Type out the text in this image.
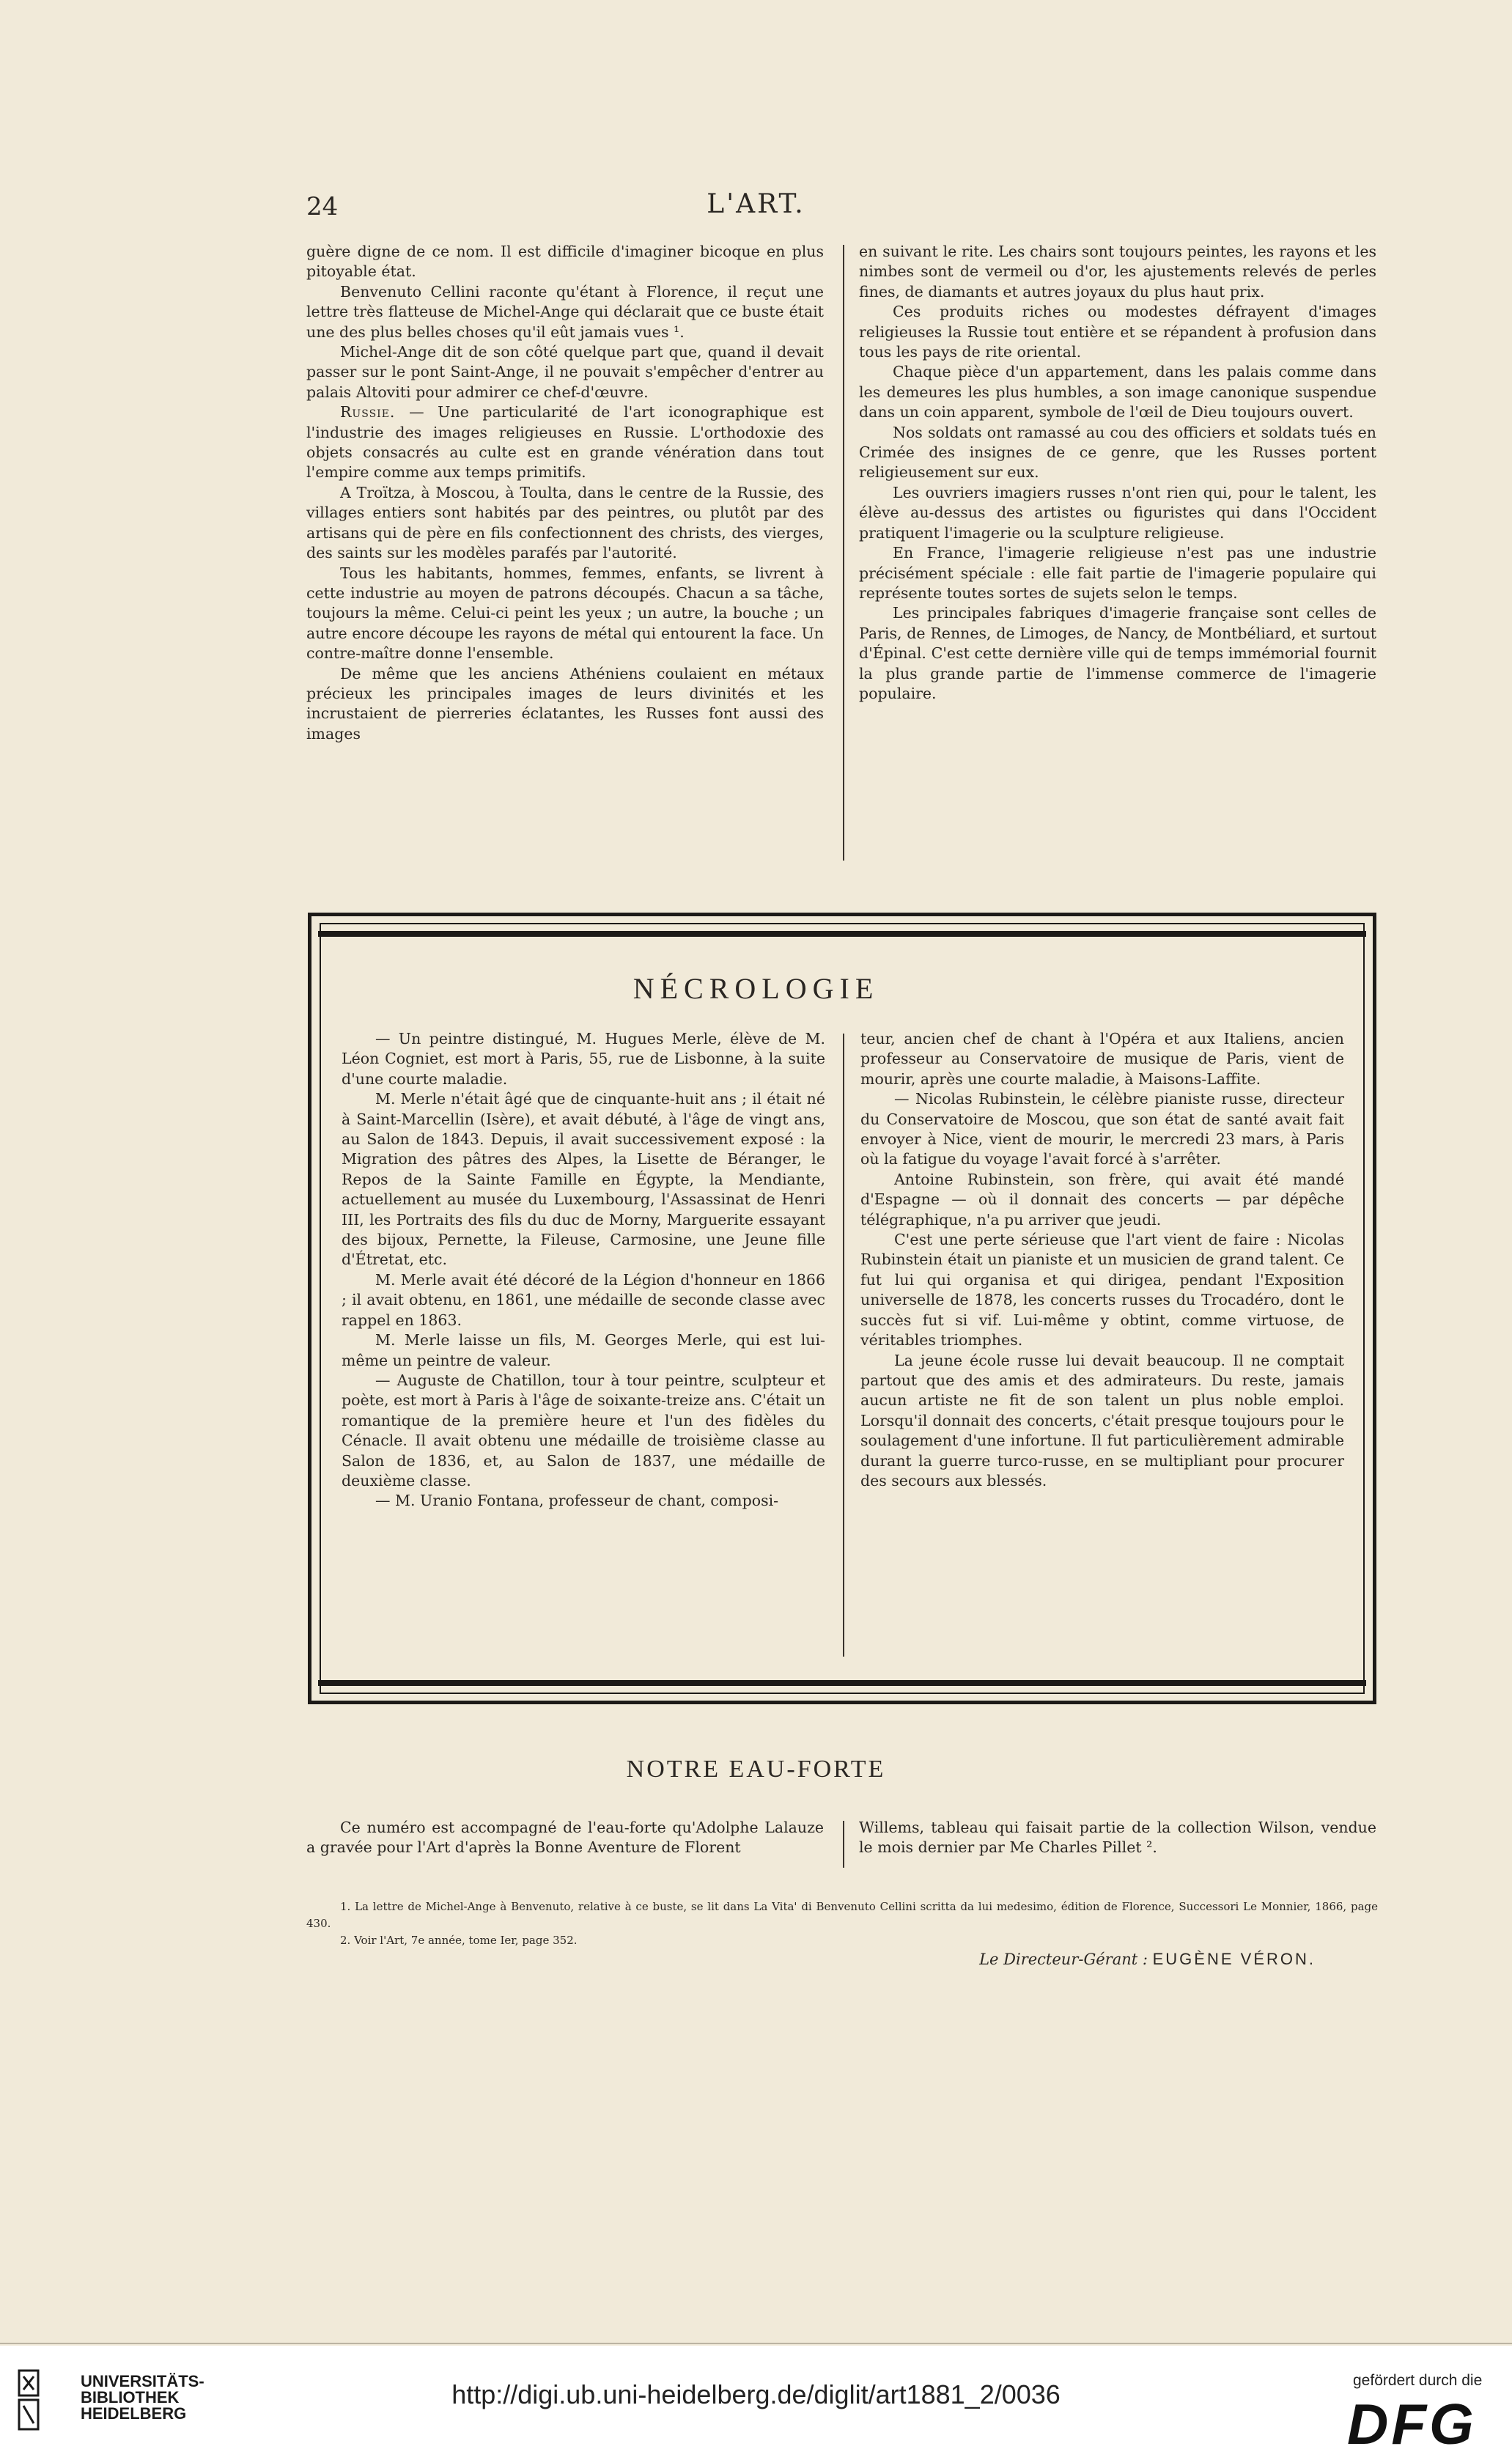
24	L'ART.

guère digne de ce nom. Il est difficile d'imaginer bicoque en plus pitoyable état.

Benvenuto Cellini raconte qu'étant à Florence, il reçut une lettre très flatteuse de Michel-Ange qui déclarait que ce buste était une des plus belles choses qu'il eût jamais vues ¹.

Michel-Ange dit de son côté quelque part que, quand il devait passer sur le pont Saint-Ange, il ne pouvait s'empêcher d'entrer au palais Altoviti pour admirer ce chef-d'œuvre.

Russie. — Une particularité de l'art iconographique est l'industrie des images religieuses en Russie. L'orthodoxie des objets consacrés au culte est en grande vénération dans tout l'empire comme aux temps primitifs.

A Troïtza, à Moscou, à Toulta, dans le centre de la Russie, des villages entiers sont habités par des peintres, ou plutôt par des artisans qui de père en fils confectionnent des christs, des vierges, des saints sur les modèles parafés par l'autorité.

Tous les habitants, hommes, femmes, enfants, se livrent à cette industrie au moyen de patrons découpés. Chacun a sa tâche, toujours la même. Celui-ci peint les yeux ; un autre, la bouche ; un autre encore découpe les rayons de métal qui entourent la face. Un contre-maître donne l'ensemble.

De même que les anciens Athéniens coulaient en métaux précieux les principales images de leurs divinités et les incrustaient de pierreries éclatantes, les Russes font aussi des images

en suivant le rite. Les chairs sont toujours peintes, les rayons et les nimbes sont de vermeil ou d'or, les ajustements relevés de perles fines, de diamants et autres joyaux du plus haut prix.

Ces produits riches ou modestes défrayent d'images religieuses la Russie tout entière et se répandent à profusion dans tous les pays de rite oriental.

Chaque pièce d'un appartement, dans les palais comme dans les demeures les plus humbles, a son image canonique suspendue dans un coin apparent, symbole de l'œil de Dieu toujours ouvert.

Nos soldats ont ramassé au cou des officiers et soldats tués en Crimée des insignes de ce genre, que les Russes portent religieusement sur eux.

Les ouvriers imagiers russes n'ont rien qui, pour le talent, les élève au-dessus des artistes ou figuristes qui dans l'Occident pratiquent l'imagerie ou la sculpture religieuse.

En France, l'imagerie religieuse n'est pas une industrie précisément spéciale : elle fait partie de l'imagerie populaire qui représente toutes sortes de sujets selon le temps.

Les principales fabriques d'imagerie française sont celles de Paris, de Rennes, de Limoges, de Nancy, de Montbéliard, et surtout d'Épinal. C'est cette dernière ville qui de temps immémorial fournit la plus grande partie de l'immense commerce de l'imagerie populaire.

NÉCROLOGIE

— Un peintre distingué, M. Hugues Merle, élève de M. Léon Cogniet, est mort à Paris, 55, rue de Lisbonne, à la suite d'une courte maladie.

M. Merle n'était âgé que de cinquante-huit ans ; il était né à Saint-Marcellin (Isère), et avait débuté, à l'âge de vingt ans, au Salon de 1843. Depuis, il avait successivement exposé : la Migration des pâtres des Alpes, la Lisette de Béranger, le Repos de la Sainte Famille en Égypte, la Mendiante, actuellement au musée du Luxembourg, l'Assassinat de Henri III, les Portraits des fils du duc de Morny, Marguerite essayant des bijoux, Pernette, la Fileuse, Carmosine, une Jeune fille d'Étretat, etc.

M. Merle avait été décoré de la Légion d'honneur en 1866 ; il avait obtenu, en 1861, une médaille de seconde classe avec rappel en 1863.

M. Merle laisse un fils, M. Georges Merle, qui est lui-même un peintre de valeur.

— Auguste de Chatillon, tour à tour peintre, sculpteur et poète, est mort à Paris à l'âge de soixante-treize ans. C'était un romantique de la première heure et l'un des fidèles du Cénacle. Il avait obtenu une médaille de troisième classe au Salon de 1836, et, au Salon de 1837, une médaille de deuxième classe.

— M. Uranio Fontana, professeur de chant, composi-

teur, ancien chef de chant à l'Opéra et aux Italiens, ancien professeur au Conservatoire de musique de Paris, vient de mourir, après une courte maladie, à Maisons-Laffite.

— Nicolas Rubinstein, le célèbre pianiste russe, directeur du Conservatoire de Moscou, que son état de santé avait fait envoyer à Nice, vient de mourir, le mercredi 23 mars, à Paris où la fatigue du voyage l'avait forcé à s'arrêter.

Antoine Rubinstein, son frère, qui avait été mandé d'Espagne — où il donnait des concerts — par dépêche télégraphique, n'a pu arriver que jeudi.

C'est une perte sérieuse que l'art vient de faire : Nicolas Rubinstein était un pianiste et un musicien de grand talent. Ce fut lui qui organisa et qui dirigea, pendant l'Exposition universelle de 1878, les concerts russes du Trocadéro, dont le succès fut si vif. Lui-même y obtint, comme virtuose, de véritables triomphes.

La jeune école russe lui devait beaucoup. Il ne comptait partout que des amis et des admirateurs. Du reste, jamais aucun artiste ne fit de son talent un plus noble emploi. Lorsqu'il donnait des concerts, c'était presque toujours pour le soulagement d'une infortune. Il fut particulièrement admirable durant la guerre turco-russe, en se multipliant pour procurer des secours aux blessés.

NOTRE EAU-FORTE

Ce numéro est accompagné de l'eau-forte qu'Adolphe Lalauze a gravée pour l'Art d'après la Bonne Aventure de Florent

Willems, tableau qui faisait partie de la collection Wilson, vendue le mois dernier par Me Charles Pillet ².

1. La lettre de Michel-Ange à Benvenuto, relative à ce buste, se lit dans La Vita' di Benvenuto Cellini scritta da lui medesimo, édition de Florence, Successori Le Monnier, 1866, page 430.

2. Voir l'Art, 7e année, tome Ier, page 352.

Le Directeur-Gérant : EUGÈNE VÉRON.
UNIVERSITÄTS-
BIBLIOTHEK
HEIDELBERG
http://digi.ub.uni-heidelberg.de/diglit/art1881_2/0036	gefördert durch die
DFG
